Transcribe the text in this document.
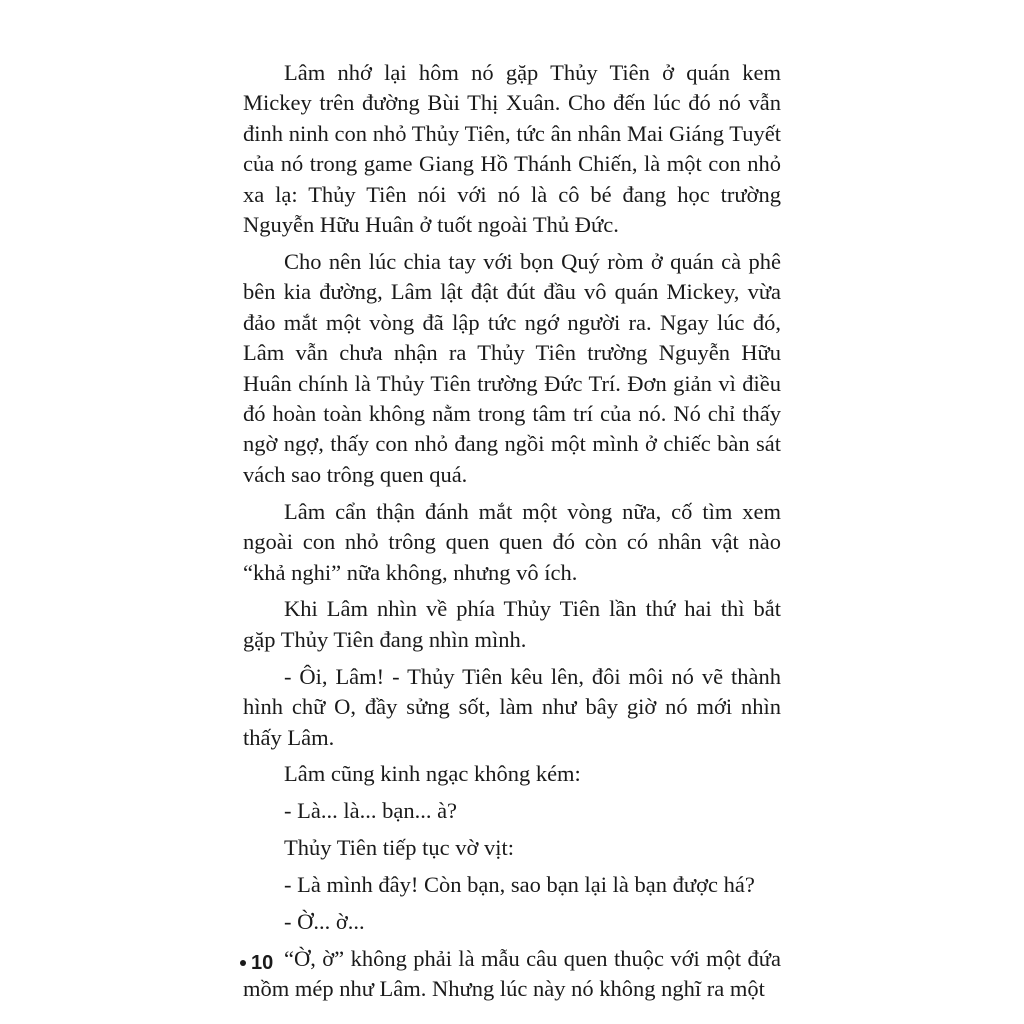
Lâm nhớ lại hôm nó gặp Thủy Tiên ở quán kem Mickey trên đường Bùi Thị Xuân. Cho đến lúc đó nó vẫn đinh ninh con nhỏ Thủy Tiên, tức ân nhân Mai Giáng Tuyết của nó trong game Giang Hồ Thánh Chiến, là một con nhỏ xa lạ: Thủy Tiên nói với nó là cô bé đang học trường Nguyễn Hữu Huân ở tuốt ngoài Thủ Đức.

Cho nên lúc chia tay với bọn Quý ròm ở quán cà phê bên kia đường, Lâm lật đật đút đầu vô quán Mickey, vừa đảo mắt một vòng đã lập tức ngớ người ra. Ngay lúc đó, Lâm vẫn chưa nhận ra Thủy Tiên trường Nguyễn Hữu Huân chính là Thủy Tiên trường Đức Trí. Đơn giản vì điều đó hoàn toàn không nằm trong tâm trí của nó. Nó chỉ thấy ngờ ngợ, thấy con nhỏ đang ngồi một mình ở chiếc bàn sát vách sao trông quen quá.

Lâm cẩn thận đánh mắt một vòng nữa, cố tìm xem ngoài con nhỏ trông quen quen đó còn có nhân vật nào “khả nghi” nữa không, nhưng vô ích.

Khi Lâm nhìn về phía Thủy Tiên lần thứ hai thì bắt gặp Thủy Tiên đang nhìn mình.

- Ôi, Lâm! - Thủy Tiên kêu lên, đôi môi nó vẽ thành hình chữ O, đầy sửng sốt, làm như bây giờ nó mới nhìn thấy Lâm.

Lâm cũng kinh ngạc không kém:

- Là... là... bạn... à?

Thủy Tiên tiếp tục vờ vịt:

- Là mình đây! Còn bạn, sao bạn lại là bạn được há?

- Ờ... ờ...

“Ờ, ờ” không phải là mẫu câu quen thuộc với một đứa mồm mép như Lâm. Nhưng lúc này nó không nghĩ ra một

10
